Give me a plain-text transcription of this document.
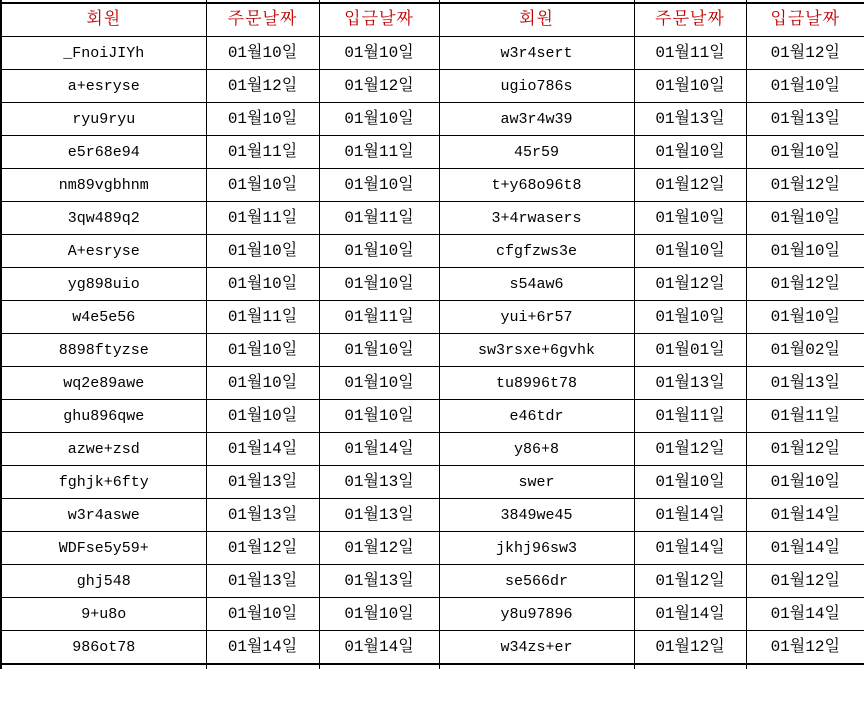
회원	주문날짜	입금날짜	회원	주문날짜	입금날짜
_FnoiJIYh	01월10일	01월10일	w3r4sert	01월11일	01월12일
a+esryse	01월12일	01월12일	ugio786s	01월10일	01월10일
ryu9ryu	01월10일	01월10일	aw3r4w39	01월13일	01월13일
e5r68e94	01월11일	01월11일	45r59	01월10일	01월10일
nm89vgbhnm	01월10일	01월10일	t+y68o96t8	01월12일	01월12일
3qw489q2	01월11일	01월11일	3+4rwasers	01월10일	01월10일
A+esryse	01월10일	01월10일	cfgfzws3e	01월10일	01월10일
yg898uio	01월10일	01월10일	s54aw6	01월12일	01월12일
w4e5e56	01월11일	01월11일	yui+6r57	01월10일	01월10일
8898ftyzse	01월10일	01월10일	sw3rsxe+6gvhk	01월01일	01월02일
wq2e89awe	01월10일	01월10일	tu8996t78	01월13일	01월13일
ghu896qwe	01월10일	01월10일	e46tdr	01월11일	01월11일
azwe+zsd	01월14일	01월14일	y86+8	01월12일	01월12일
fghjk+6fty	01월13일	01월13일	swer	01월10일	01월10일
w3r4aswe	01월13일	01월13일	3849we45	01월14일	01월14일
WDFse5y59+	01월12일	01월12일	jkhj96sw3	01월14일	01월14일
ghj548	01월13일	01월13일	se566dr	01월12일	01월12일
9+u8o	01월10일	01월10일	y8u97896	01월14일	01월14일
986ot78	01월14일	01월14일	w34zs+er	01월12일	01월12일
